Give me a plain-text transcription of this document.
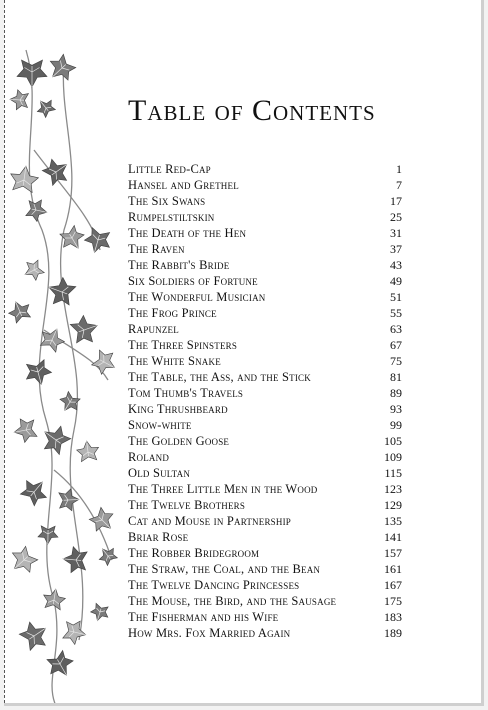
Table of Contents
Little Red-Cap	1
Hansel and Grethel	7
The Six Swans	17
Rumpelstiltskin	25
The Death of the Hen	31
The Raven	37
The Rabbit's Bride	43
Six Soldiers of Fortune	49
The Wonderful Musician	51
The Frog Prince	55
Rapunzel	63
The Three Spinsters	67
The White Snake	75
The Table, the Ass, and the Stick	81
Tom Thumb's Travels	89
King Thrushbeard	93
Snow-white	99
The Golden Goose	105
Roland	109
Old Sultan	115
The Three Little Men in the Wood	123
The Twelve Brothers	129
Cat and Mouse in Partnership	135
Briar Rose	141
The Robber Bridegroom	157
The Straw, the Coal, and the Bean	161
The Twelve Dancing Princesses	167
The Mouse, the Bird, and the Sausage	175
The Fisherman and his Wife	183
How Mrs. Fox Married Again	189
